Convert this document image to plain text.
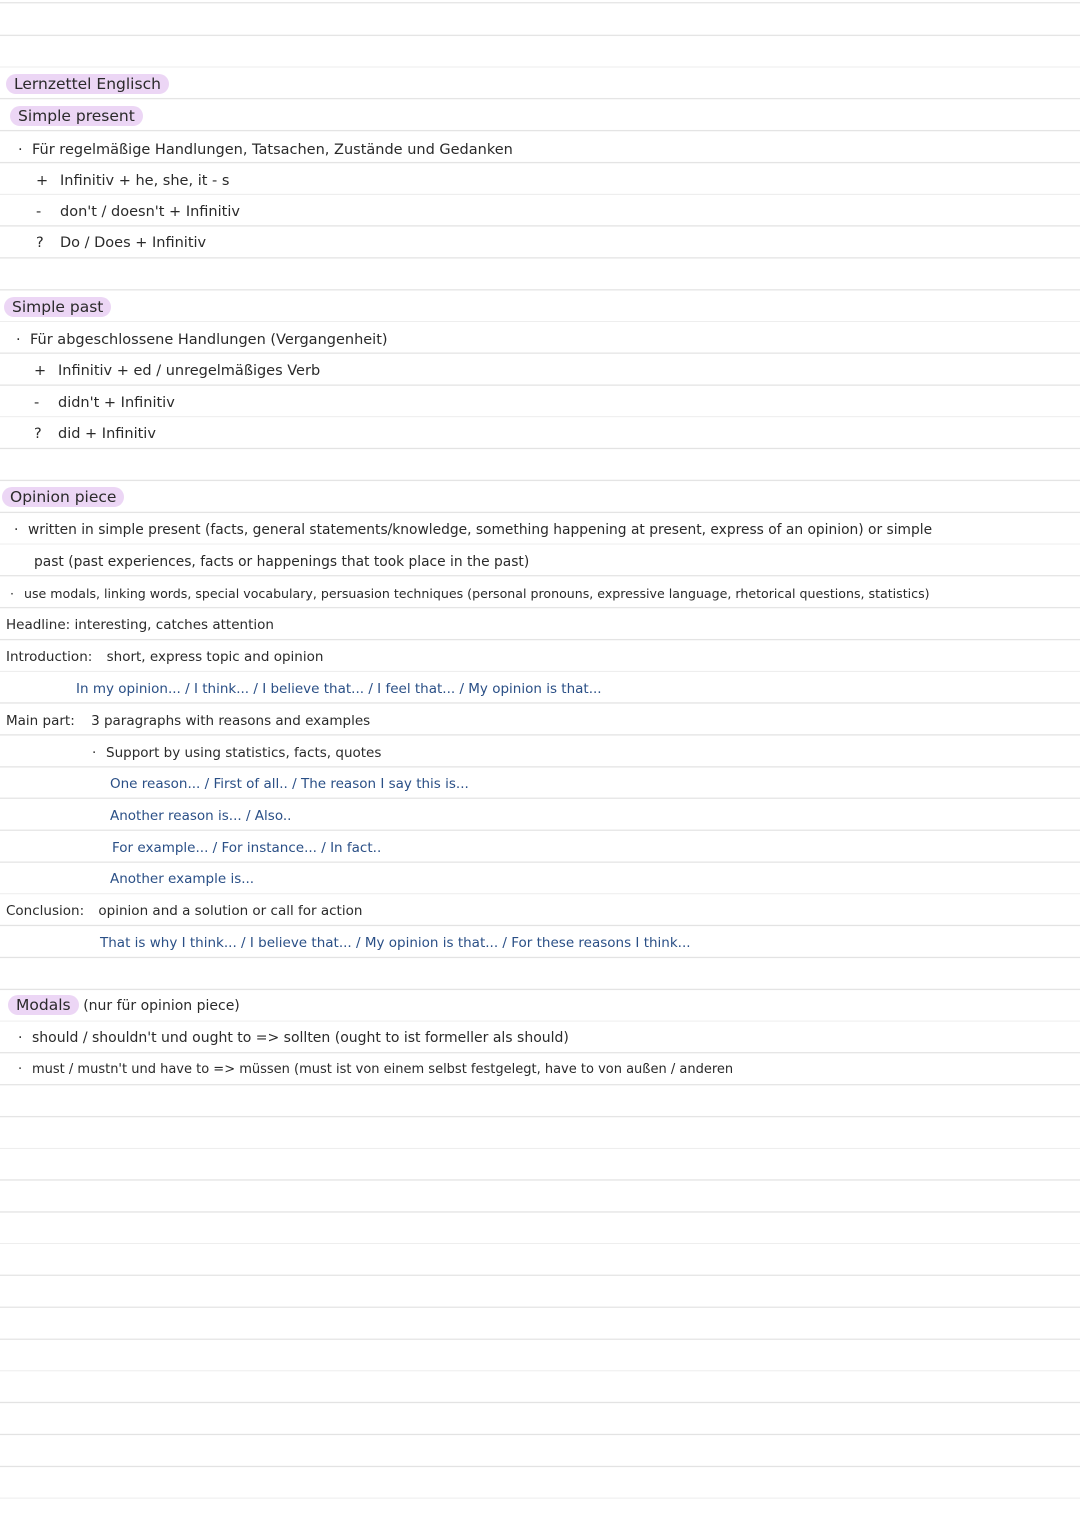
Lernzettel Englisch
Simple present
· Für regelmäßige Handlungen, Tatsachen, Zustände und Gedanken
+ Infinitiv + he, she, it - s
- don't / doesn't + Infinitiv
? Do / Does + Infinitiv
Simple past
· Für abgeschlossene Handlungen (Vergangenheit)
+ Infinitiv + ed / unregelmäßiges Verb
- didn't + Infinitiv
? did + Infinitiv
Opinion piece
· written in simple present (facts, general statements/knowledge, something happening at present, express of an opinion) or simple
past (past experiences, facts or happenings that took place in the past)
· use modals, linking words, special vocabulary, persuasion techniques (personal pronouns, expressive language, rhetorical questions, statistics)
Headline: interesting, catches attention
Introduction: short, express topic and opinion
In my opinion... / I think... / I believe that... / I feel that... / My opinion is that...
Main part: 3 paragraphs with reasons and examples
· Support by using statistics, facts, quotes
One reason... / First of all.. / The reason I say this is...
Another reason is... / Also..
For example... / For instance... / In fact..
Another example is...
Conclusion: opinion and a solution or call for action
That is why I think... / I believe that... / My opinion is that... / For these reasons I think...
Modals (nur für opinion piece)
· should / shouldn't und ought to => sollten (ought to ist formeller als should)
· must / mustn't und have to => müssen (must ist von einem selbst festgelegt, have to von außen / anderen
